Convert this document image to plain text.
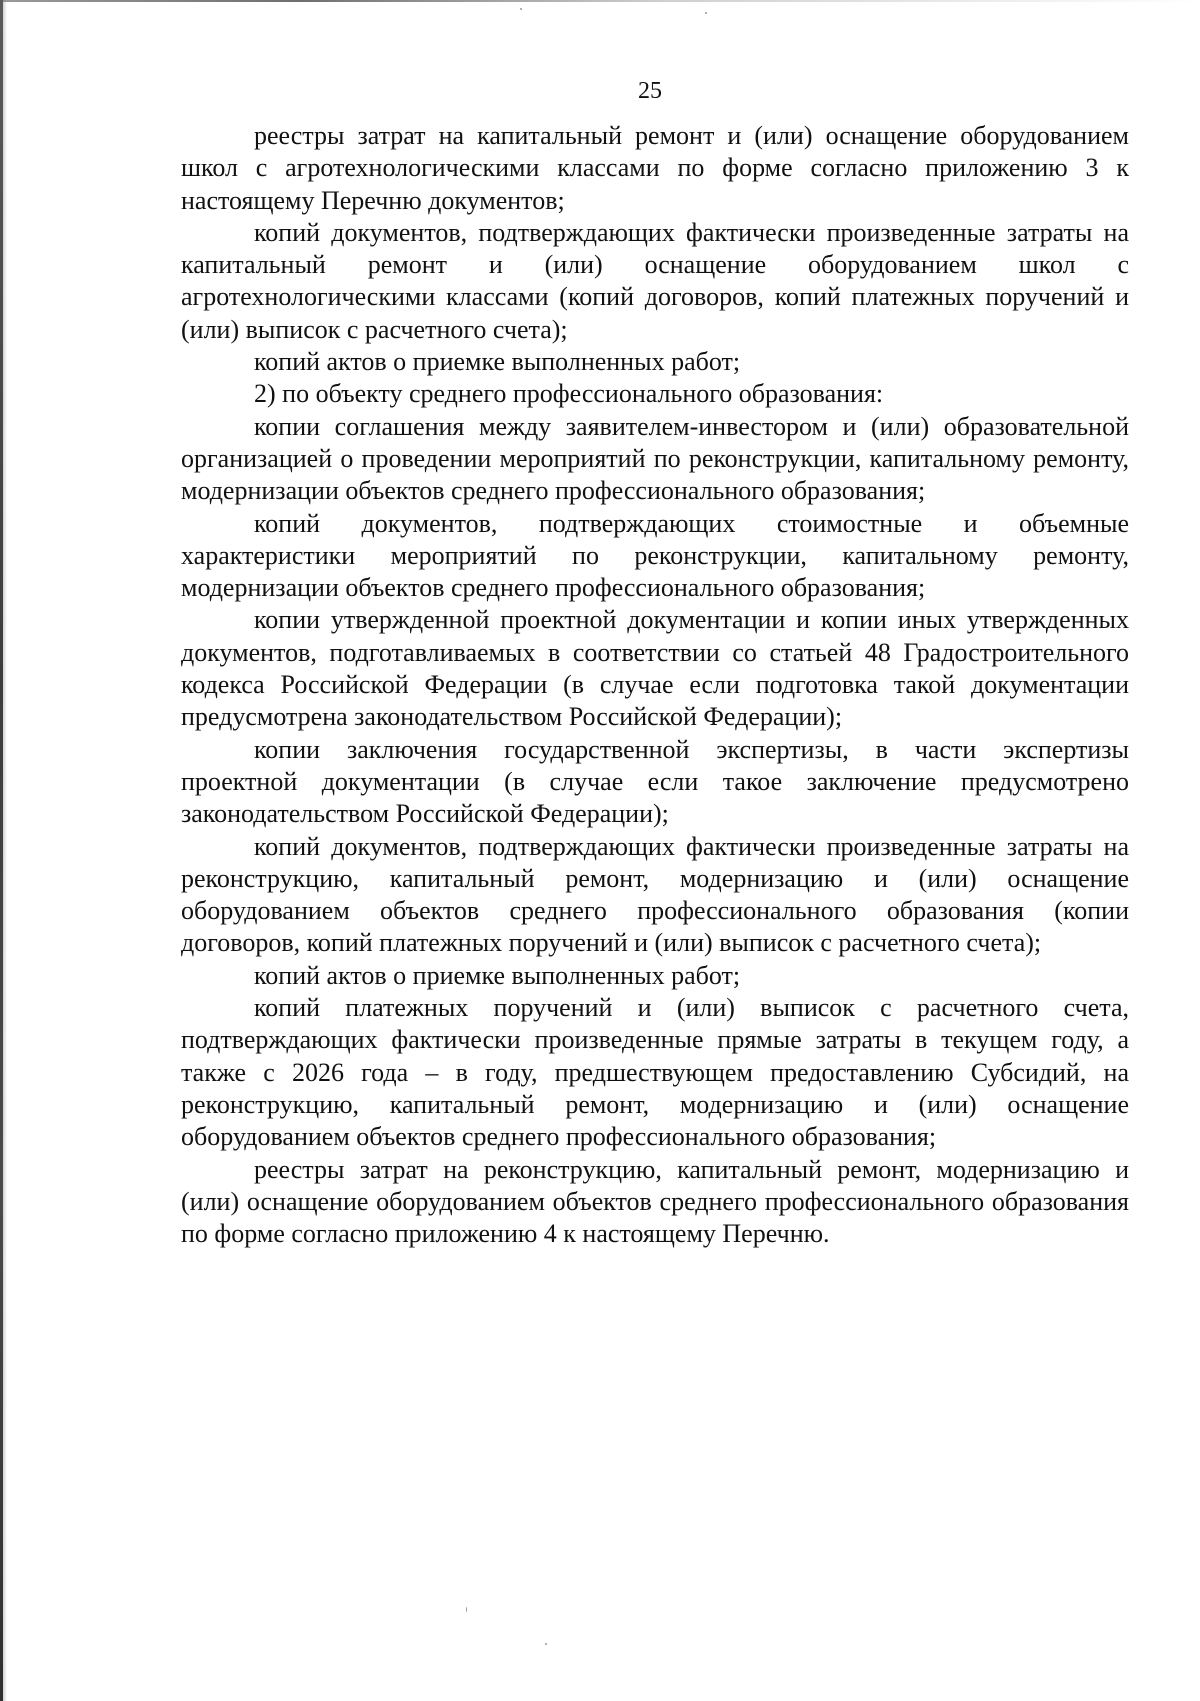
25

реестры затрат на капитальный ремонт и (или) оснащение оборудованием школ с агротехнологическими классами по форме согласно приложению 3 к настоящему Перечню документов;

копий документов, подтверждающих фактически произведенные затраты на капитальный ремонт и (или) оснащение оборудованием школ с агротехнологическими классами (копий договоров, копий платежных поручений и (или) выписок с расчетного счета);

копий актов о приемке выполненных работ;

2) по объекту среднего профессионального образования:

копии соглашения между заявителем-инвестором и (или) образовательной организацией о проведении мероприятий по реконструкции, капитальному ремонту, модернизации объектов среднего профессионального образования;

копий документов, подтверждающих стоимостные и объемные характеристики мероприятий по реконструкции, капитальному ремонту, модернизации объектов среднего профессионального образования;

копии утвержденной проектной документации и копии иных утвержденных документов, подготавливаемых в соответствии со статьей 48 Градостроительного кодекса Российской Федерации (в случае если подготовка такой документации предусмотрена законодательством Российской Федерации);

копии заключения государственной экспертизы, в части экспертизы проектной документации (в случае если такое заключение предусмотрено законодательством Российской Федерации);

копий документов, подтверждающих фактически произведенные затраты на реконструкцию, капитальный ремонт, модернизацию и (или) оснащение оборудованием объектов среднего профессионального образования (копии договоров, копий платежных поручений и (или) выписок с расчетного счета);

копий актов о приемке выполненных работ;

копий платежных поручений и (или) выписок с расчетного счета, подтверждающих фактически произведенные прямые затраты в текущем году, а также с 2026 года – в году, предшествующем предоставлению Субсидий, на реконструкцию, капитальный ремонт, модернизацию и (или) оснащение оборудованием объектов среднего профессионального образования;

реестры затрат на реконструкцию, капитальный ремонт, модернизацию и (или) оснащение оборудованием объектов среднего профессионального образования по форме согласно приложению 4 к настоящему Перечню.
